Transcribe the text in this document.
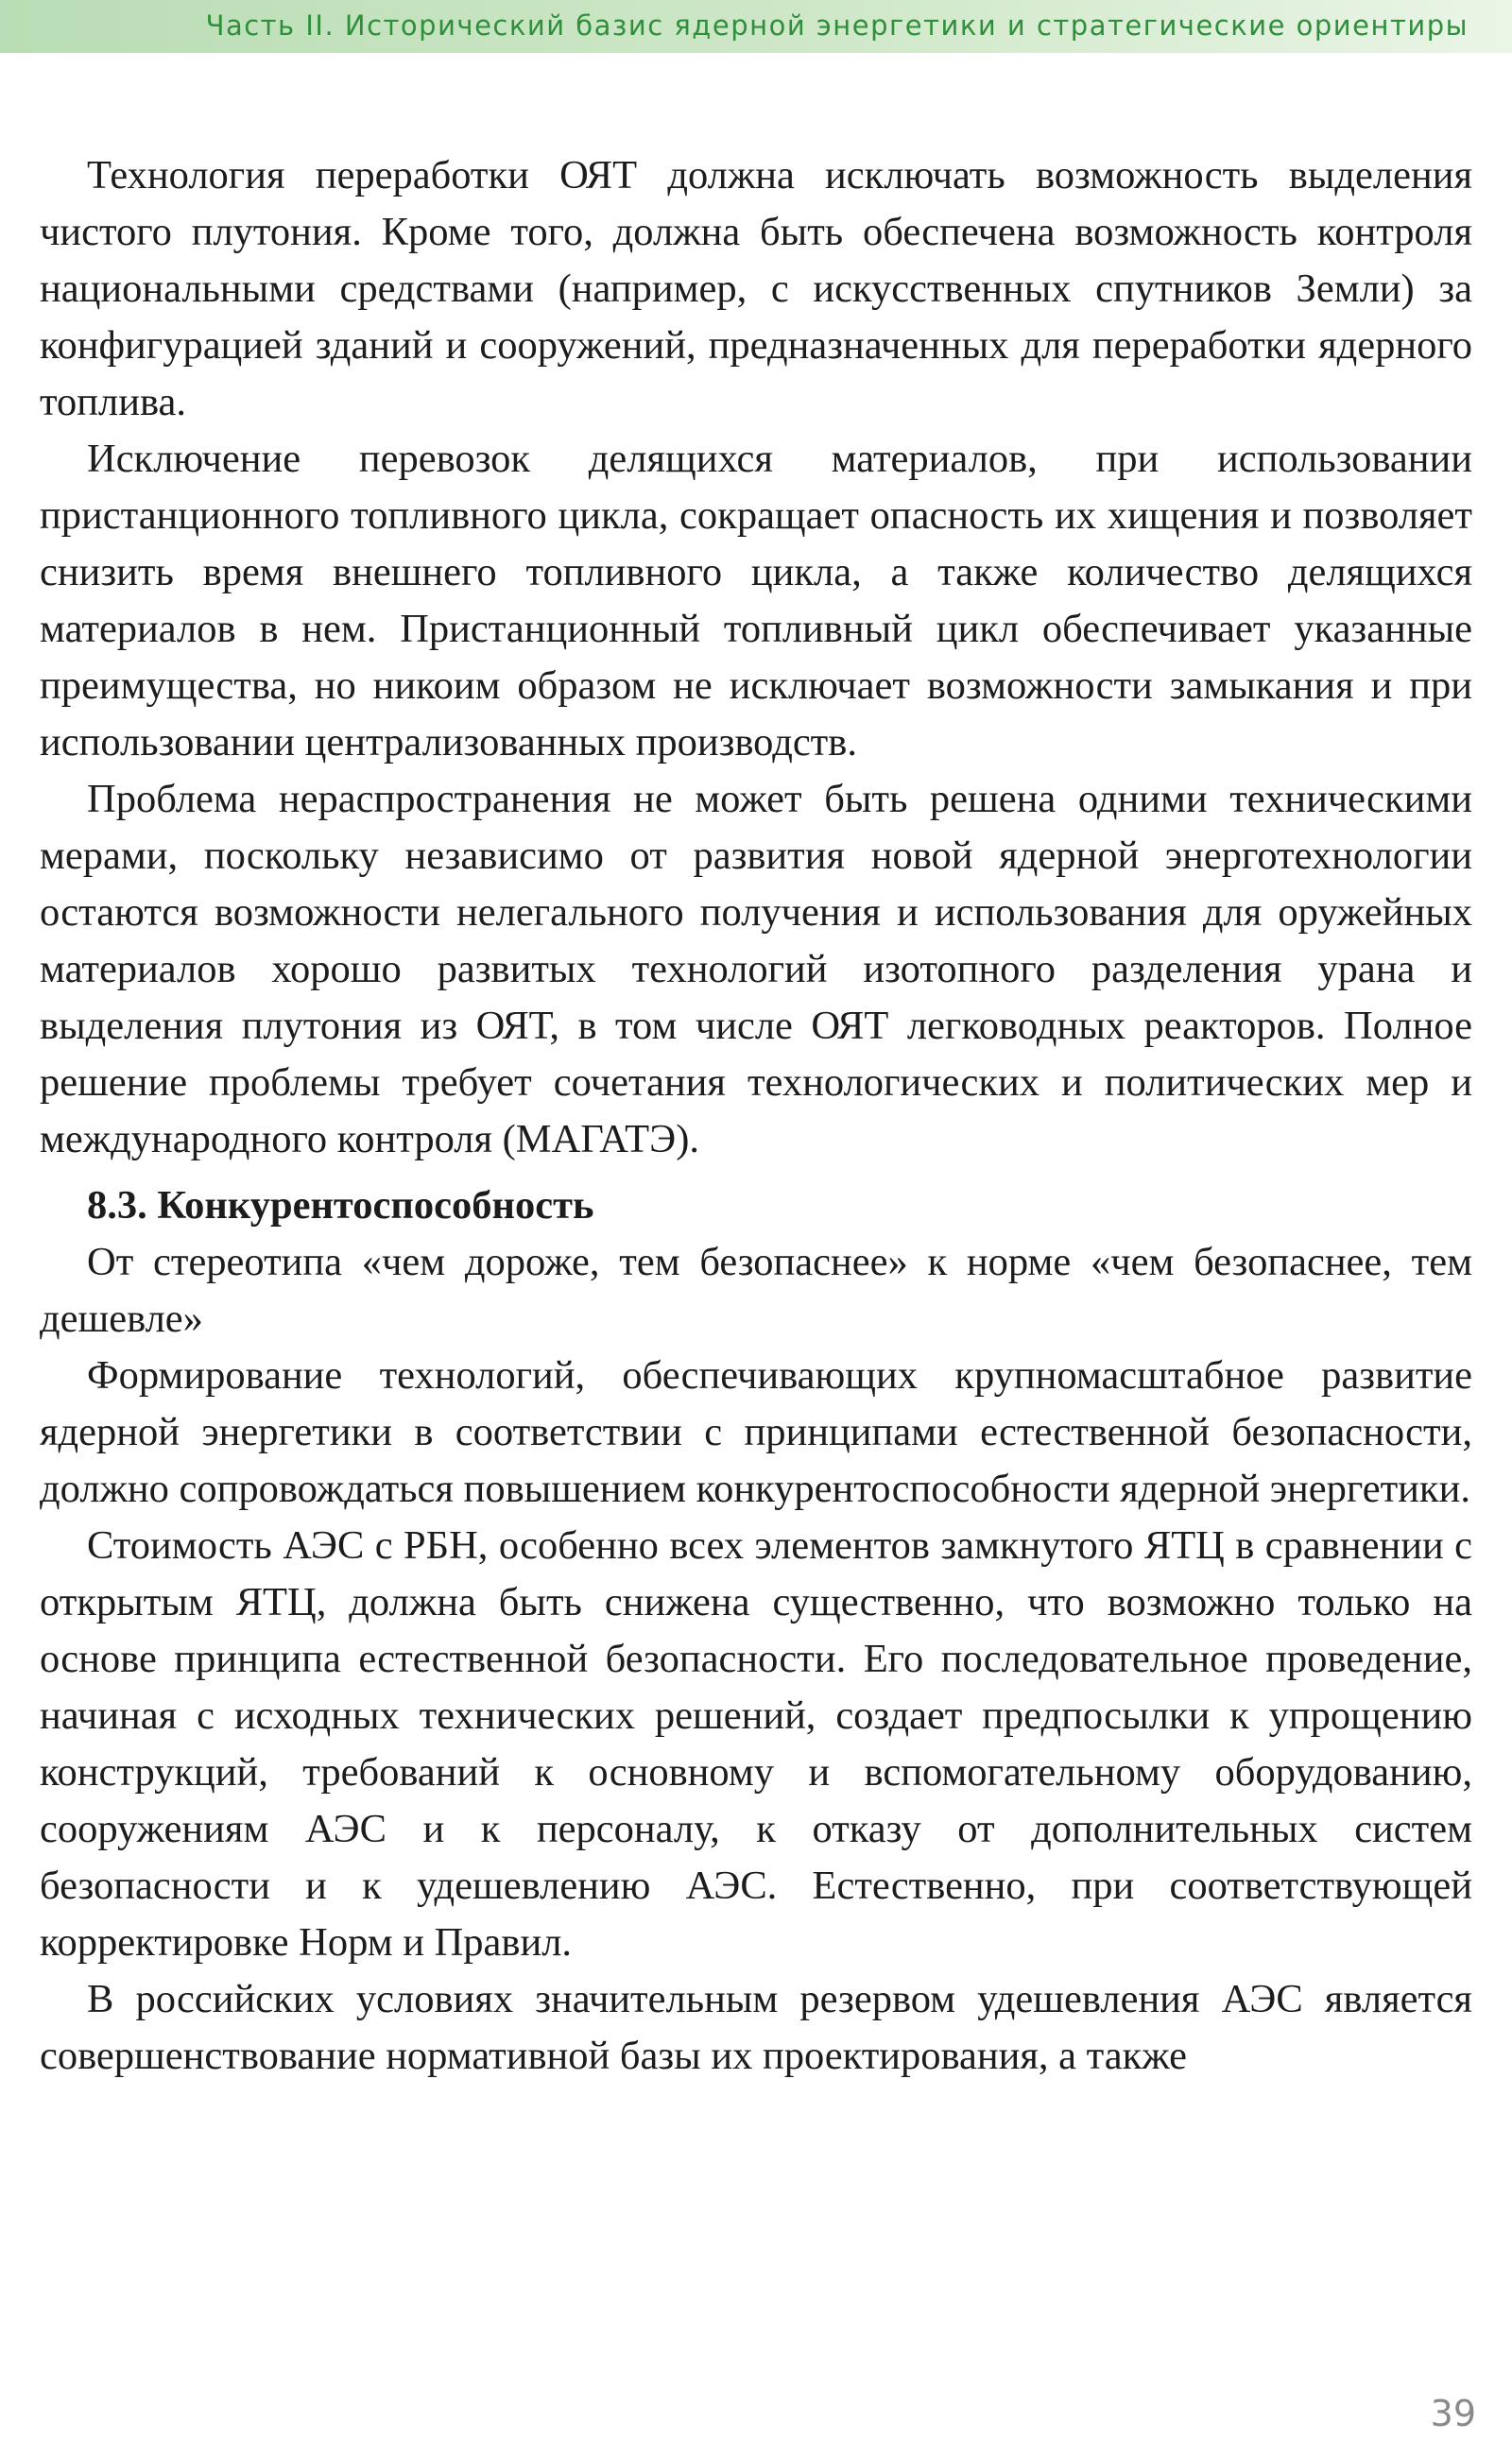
Часть II. Исторический базис ядерной энергетики и стратегические ориентиры

Технология переработки ОЯТ должна исключать возможность выделения чистого плутония. Кроме того, должна быть обеспечена возможность контроля национальными средствами (например, с искусственных спутников Земли) за конфигурацией зданий и сооружений, предназначенных для переработки ядерного топлива.

Исключение перевозок делящихся материалов, при использовании пристанционного топливного цикла, сокращает опасность их хищения и позволяет снизить время внешнего топливного цикла, а также количество делящихся материалов в нем. Пристанционный топливный цикл обеспечивает указанные преимущества, но никоим образом не исключает возможности замыкания и при использовании централизованных производств.

Проблема нераспространения не может быть решена одними техническими мерами, поскольку независимо от развития новой ядерной энерготехнологии остаются возможности нелегального получения и использования для оружейных материалов хорошо развитых технологий изотопного разделения урана и выделения плутония из ОЯТ, в том числе ОЯТ легководных реакторов. Полное решение проблемы требует сочетания технологических и политических мер и международного контроля (МАГАТЭ).

8.3. Конкурентоспособность

От стереотипа «чем дороже, тем безопаснее» к норме «чем безопаснее, тем дешевле»

Формирование технологий, обеспечивающих крупномасштабное развитие ядерной энергетики в соответствии с принципами естественной безопасности, должно сопровождаться повышением конкурентоспособности ядерной энергетики.

Стоимость АЭС с РБН, особенно всех элементов замкнутого ЯТЦ в сравнении с открытым ЯТЦ, должна быть снижена существенно, что возможно только на основе принципа естественной безопасности. Его последовательное проведение, начиная с исходных технических решений, создает предпосылки к упрощению конструкций, требований к основному и вспомогательному оборудованию, сооружениям АЭС и к персоналу, к отказу от дополнительных систем безопасности и к удешевлению АЭС. Естественно, при соответствующей корректировке Норм и Правил.

В российских условиях значительным резервом удешевления АЭС является совершенствование нормативной базы их проектирования, а также

39
